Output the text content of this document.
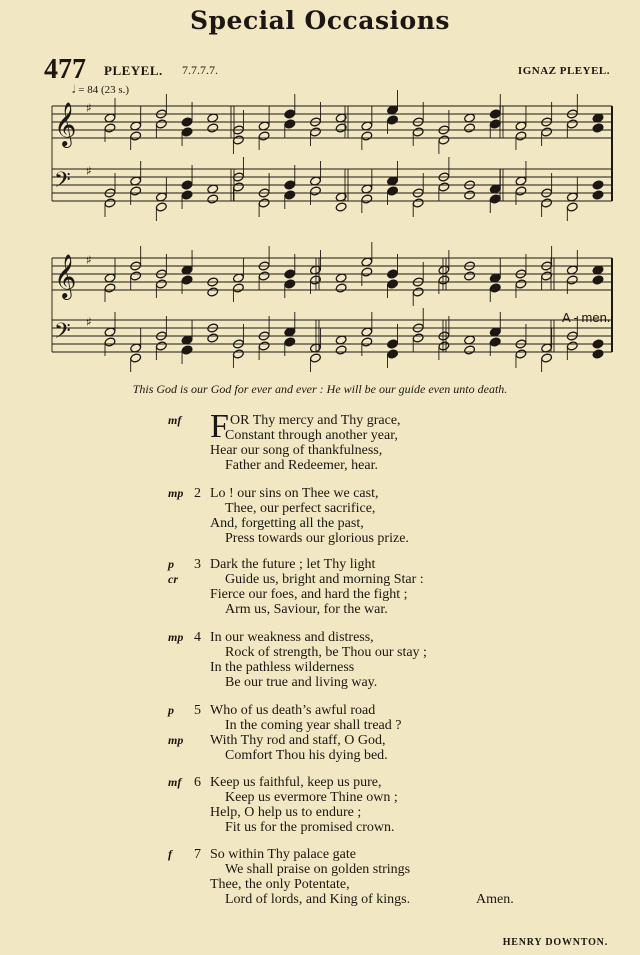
Special Occasions
477 PLEYEL. 7.7.7.7.	IGNAZ PLEYEL.
𝅗𝅥 = 84 (23 s.)
𝄞 ♯
𝄢 ♯
𝄞 ♯
𝄢 ♯	A - men.
This God is our God for ever and ever : He will be our guide even unto death.
mf F OR Thy mercy and Thy grace,
Constant through another year,
Hear our song of thankfulness,
Father and Redeemer, hear.
mp 2 Lo ! our sins on Thee we cast,
Thee, our perfect sacrifice,
And, forgetting all the past,
Press towards our glorious prize.
p 3 Dark the future ; let Thy light
cr	Guide us, bright and morning Star :
Fierce our foes, and hard the fight ;
Arm us, Saviour, for the war.
mp 4 In our weakness and distress,
Rock of strength, be Thou our stay ;
In the pathless wilderness
Be our true and living way.
p 5 Who of us death’s awful road
In the coming year shall tread ?
mp With Thy rod and staff, O God,
Comfort Thou his dying bed.
mf 6 Keep us faithful, keep us pure,
Keep us evermore Thine own ;
Help, O help us to endure ;
Fit us for the promised crown.
f 7 So within Thy palace gate
We shall praise on golden strings
Thee, the only Potentate,
Lord of lords, and King of kings.	Amen.
HENRY DOWNTON.
